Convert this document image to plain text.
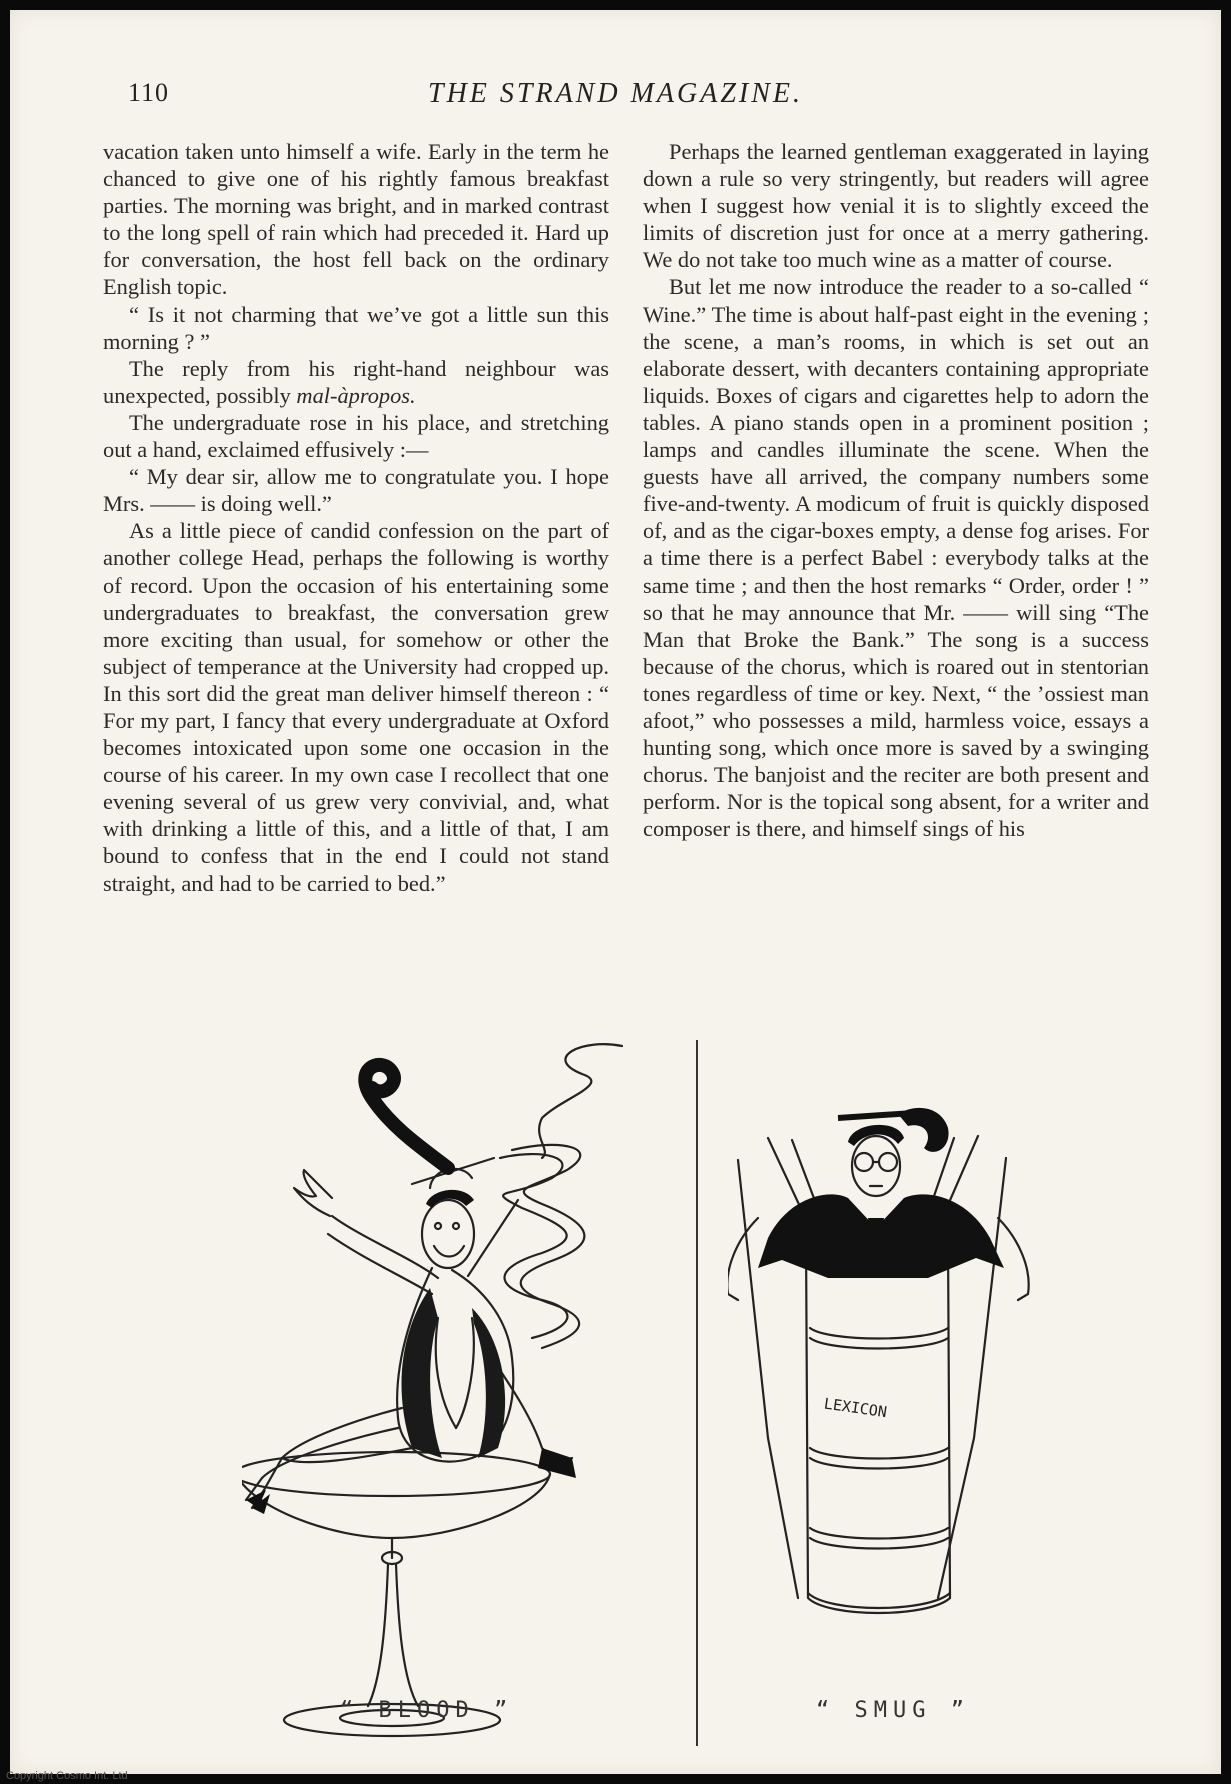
110	THE STRAND MAGAZINE.

vacation taken unto himself a wife. Early in the term he chanced to give one of his rightly famous breakfast parties. The morning was bright, and in marked contrast to the long spell of rain which had preceded it. Hard up for conversation, the host fell back on the ordinary English topic.

“ Is it not charming that we’ve got a little sun this morning ? ”

The reply from his right-hand neighbour was unexpected, possibly mal-àpropos.

The undergraduate rose in his place, and stretching out a hand, exclaimed effusively :—

“ My dear sir, allow me to congratulate you. I hope Mrs. —— is doing well.”

As a little piece of candid confession on the part of another college Head, perhaps the following is worthy of record. Upon the occasion of his entertaining some undergraduates to breakfast, the conversation grew more exciting than usual, for somehow or other the subject of temperance at the University had cropped up. In this sort did the great man deliver himself thereon : “ For my part, I fancy that every undergraduate at Oxford becomes intoxicated upon some one occasion in the course of his career. In my own case I recollect that one evening several of us grew very convivial, and, what with drinking a little of this, and a little of that, I am bound to confess that in the end I could not stand straight, and had to be carried to bed.”

Perhaps the learned gentleman exaggerated in laying down a rule so very stringently, but readers will agree when I suggest how venial it is to slightly exceed the limits of discretion just for once at a merry gathering. We do not take too much wine as a matter of course.

But let me now introduce the reader to a so-called “ Wine.” The time is about half-past eight in the evening ; the scene, a man’s rooms, in which is set out an elaborate dessert, with decanters containing appropriate liquids. Boxes of cigars and cigarettes help to adorn the tables. A piano stands open in a prominent position ; lamps and candles illuminate the scene. When the guests have all arrived, the company numbers some five-and-twenty. A modicum of fruit is quickly disposed of, and as the cigar-boxes empty, a dense fog arises. For a time there is a perfect Babel : everybody talks at the same time ; and then the host remarks “ Order, order ! ” so that he may announce that Mr. —— will sing “The Man that Broke the Bank.” The song is a success because of the chorus, which is roared out in stentorian tones regardless of time or key. Next, “ the ’ossiest man afoot,” who possesses a mild, harmless voice, essays a hunting song, which once more is saved by a swinging chorus. The banjoist and the reciter are both present and perform. Nor is the topical song absent, for a writer and composer is there, and himself sings of his

LEXICON
“ BLOOD ”	“ SMUG ”
Copyright Cosmo Int. Ltd
